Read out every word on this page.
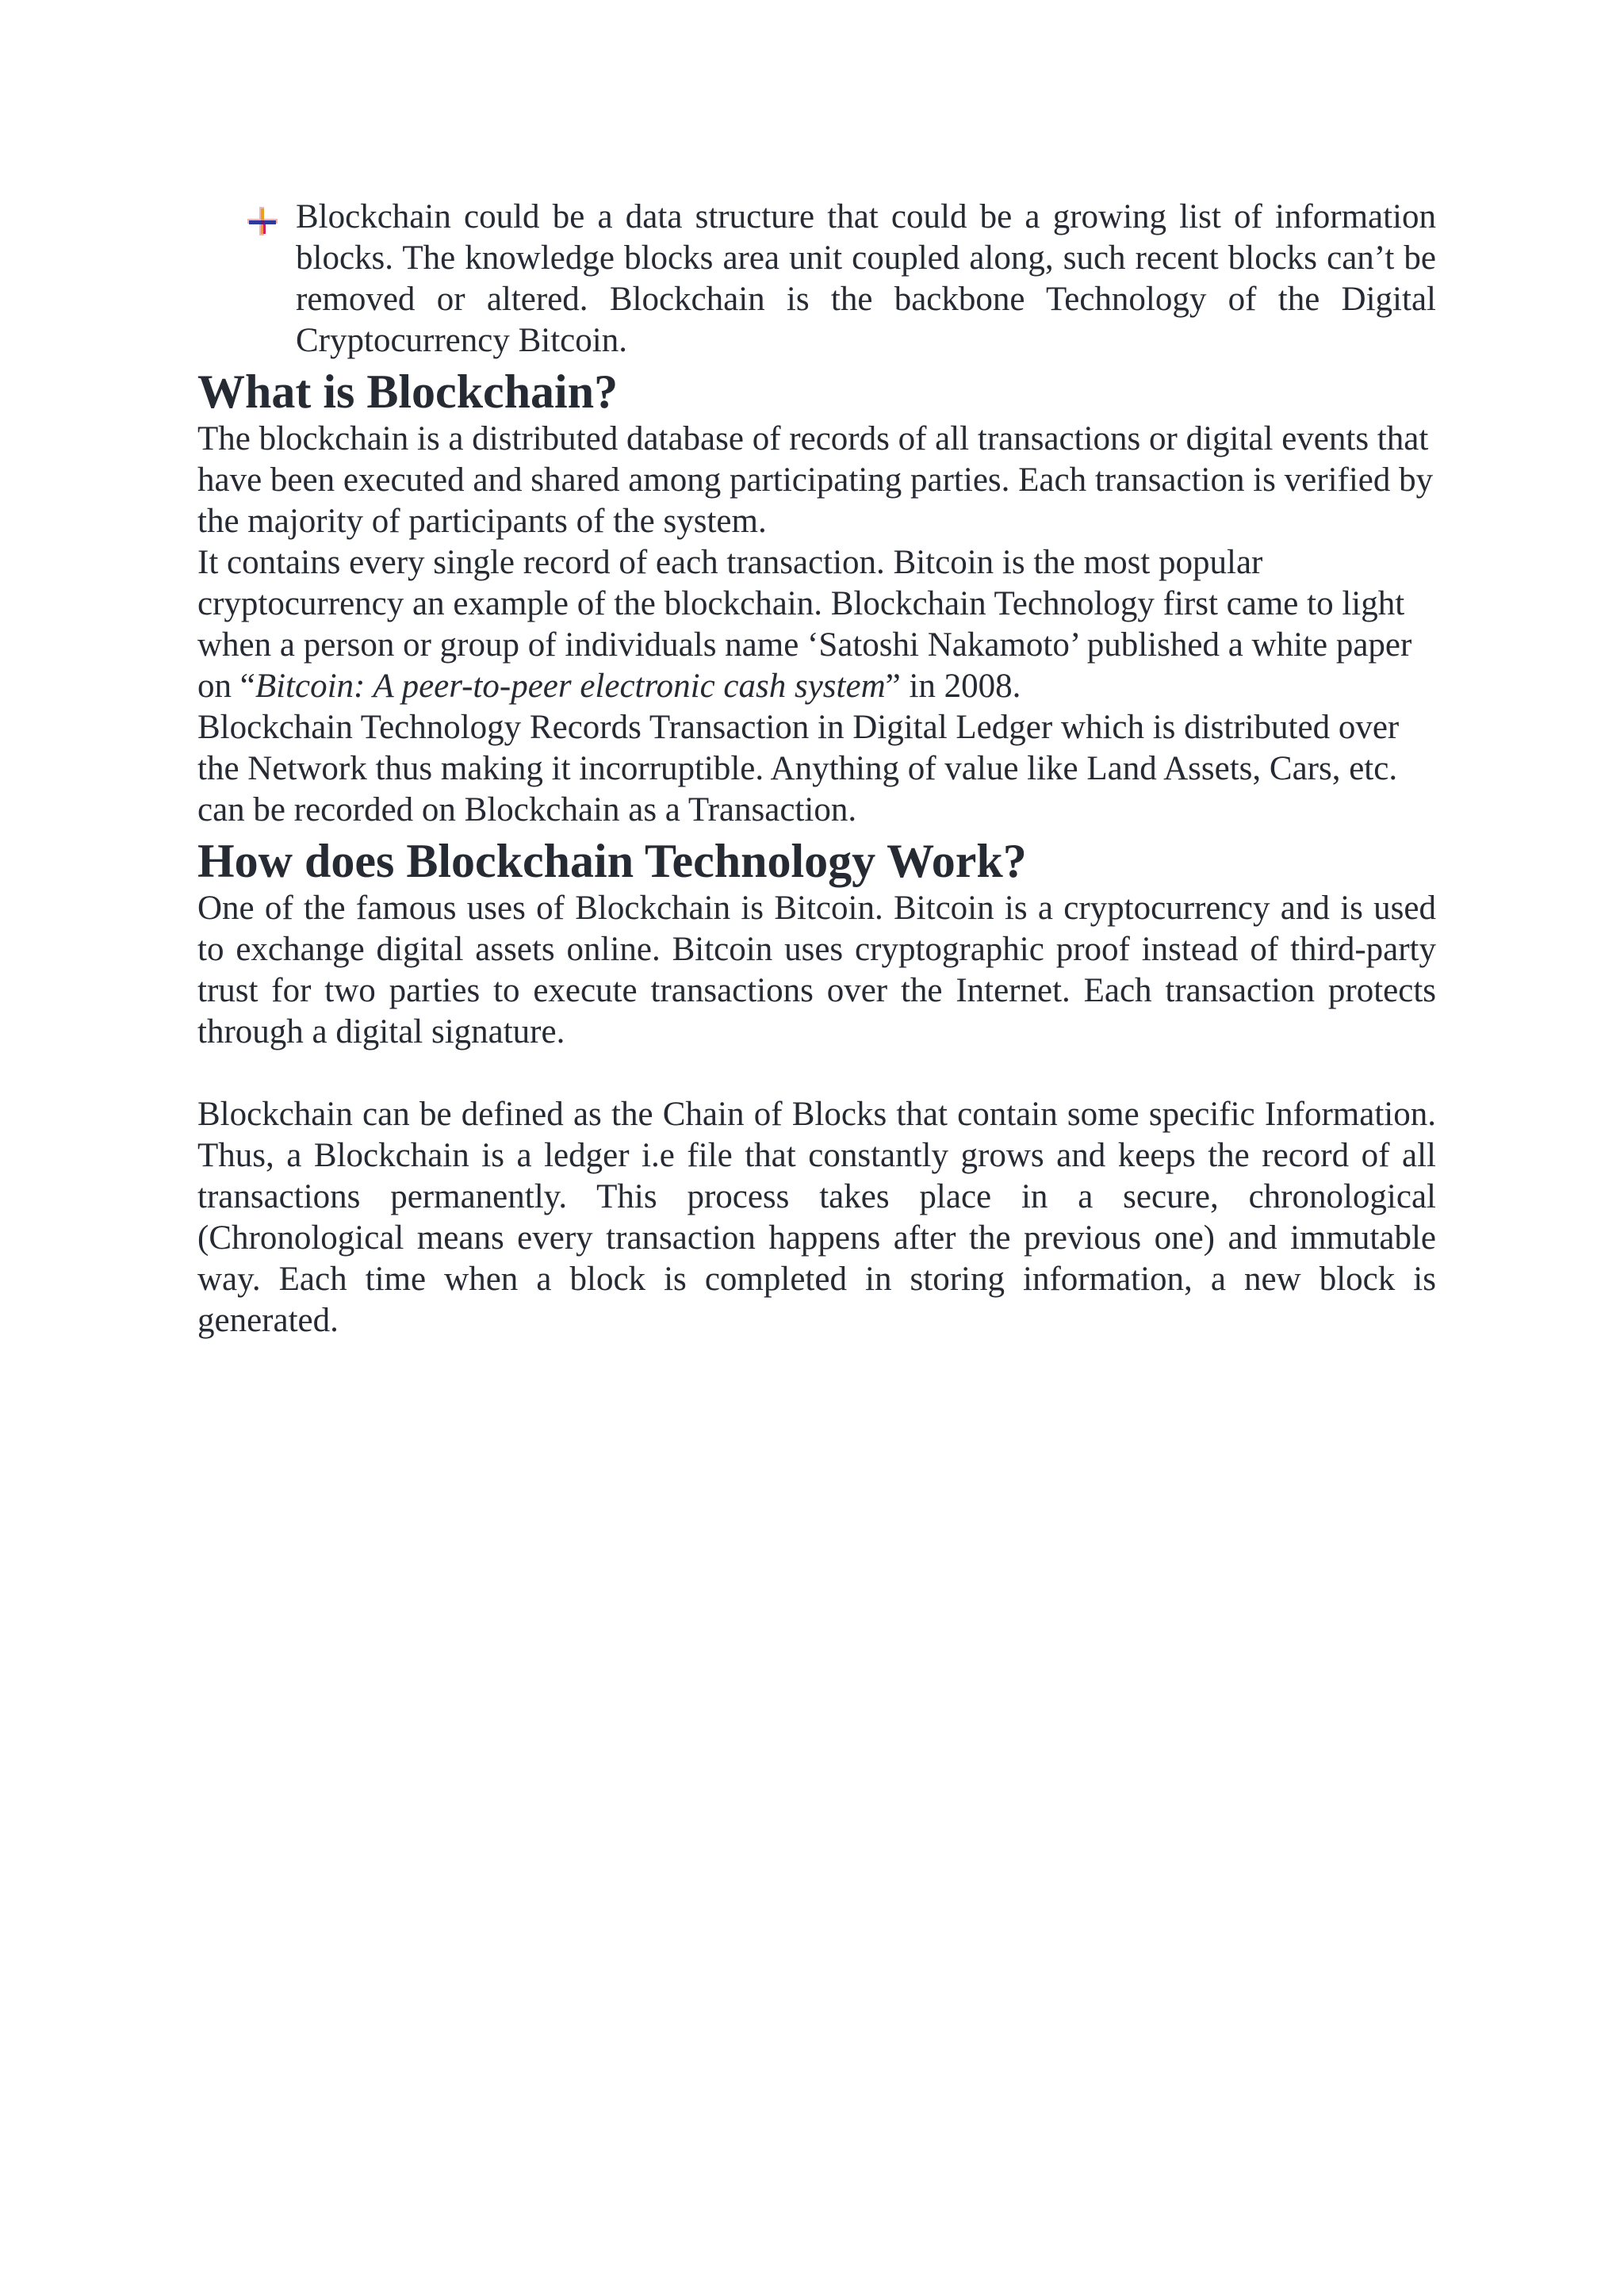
Blockchain could be a data structure that could be a growing list of information blocks. The knowledge blocks area unit coupled along, such recent blocks can’t be removed or altered. Blockchain is the backbone Technology of the Digital Cryptocurrency Bitcoin.
What is Blockchain?

The blockchain is a distributed database of records of all transactions or digital events that have been executed and shared among participating parties. Each transaction is verified by the majority of participants of the system.

It contains every single record of each transaction. Bitcoin is the most popular cryptocurrency an example of the blockchain. Blockchain Technology first came to light when a person or group of individuals name ‘Satoshi Nakamoto’ published a white paper on “Bitcoin: A peer-to-peer electronic cash system” in 2008.

Blockchain Technology Records Transaction in Digital Ledger which is distributed over the Network thus making it incorruptible. Anything of value like Land Assets, Cars, etc. can be recorded on Blockchain as a Transaction.

How does Blockchain Technology Work?

One of the famous uses of Blockchain is Bitcoin. Bitcoin is a cryptocurrency and is used to exchange digital assets online. Bitcoin uses cryptographic proof instead of third-party trust for two parties to execute transactions over the Internet. Each transaction protects through a digital signature.

Blockchain can be defined as the Chain of Blocks that contain some specific Information. Thus, a Blockchain is a ledger i.e file that constantly grows and keeps the record of all transactions permanently. This process takes place in a secure, chronological (Chronological means every transaction happens after the previous one) and immutable way. Each time when a block is completed in storing information, a new block is generated.
